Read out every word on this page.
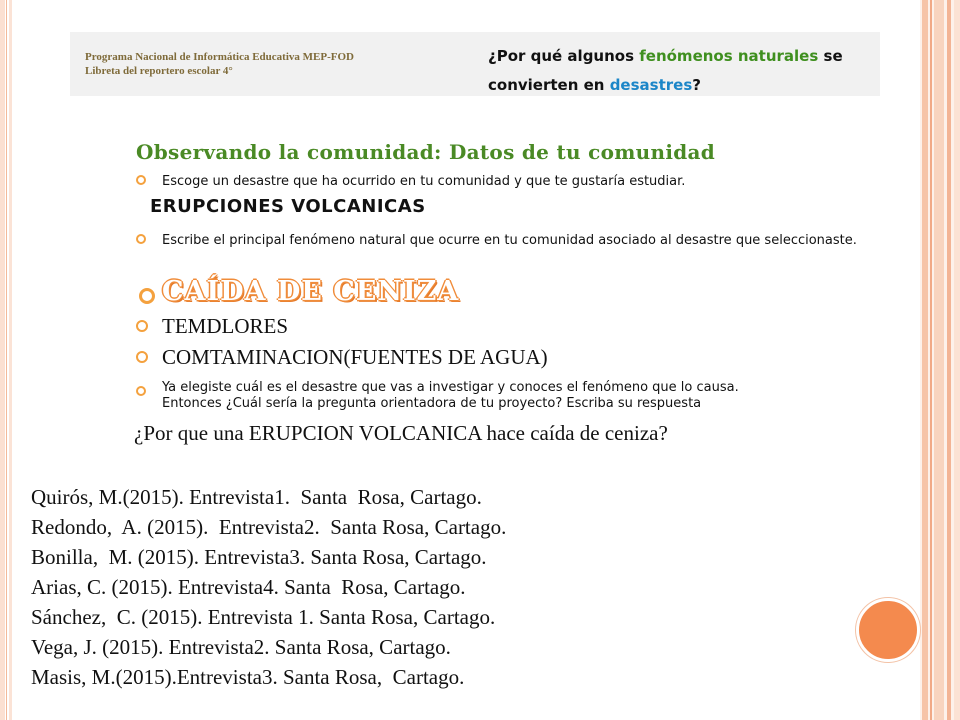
Programa Nacional de Informática Educativa MEP-FOD
Libreta del reportero escolar 4°
¿Por qué algunos fenómenos naturales se convierten en desastres?
Observando la comunidad: Datos de tu comunidad
Escoge un desastre que ha ocurrido en tu comunidad y que te gustaría estudiar.
ERUPCIONES VOLCANICAS
Escribe el principal fenómeno natural que ocurre en tu comunidad asociado al desastre que seleccionaste.
CAÍDA DE CENIZA
TEMDLORES
COMTAMINACION(FUENTES DE AGUA)
Ya elegiste cuál es el desastre que vas a investigar y conoces el fenómeno que lo causa.
Entonces ¿Cuál sería la pregunta orientadora de tu proyecto? Escriba su respuesta
¿Por que una ERUPCION VOLCANICA hace caída de ceniza?
Quirós, M.(2015). Entrevista1.  Santa  Rosa, Cartago.
Redondo,  A. (2015).  Entrevista2.  Santa Rosa, Cartago.
Bonilla,  M. (2015). Entrevista3. Santa Rosa, Cartago.
Arias, C. (2015). Entrevista4. Santa  Rosa, Cartago.
Sánchez,  C. (2015). Entrevista 1. Santa Rosa, Cartago.
Vega, J. (2015). Entrevista2. Santa Rosa, Cartago.
Masis, M.(2015).Entrevista3. Santa Rosa,  Cartago.
